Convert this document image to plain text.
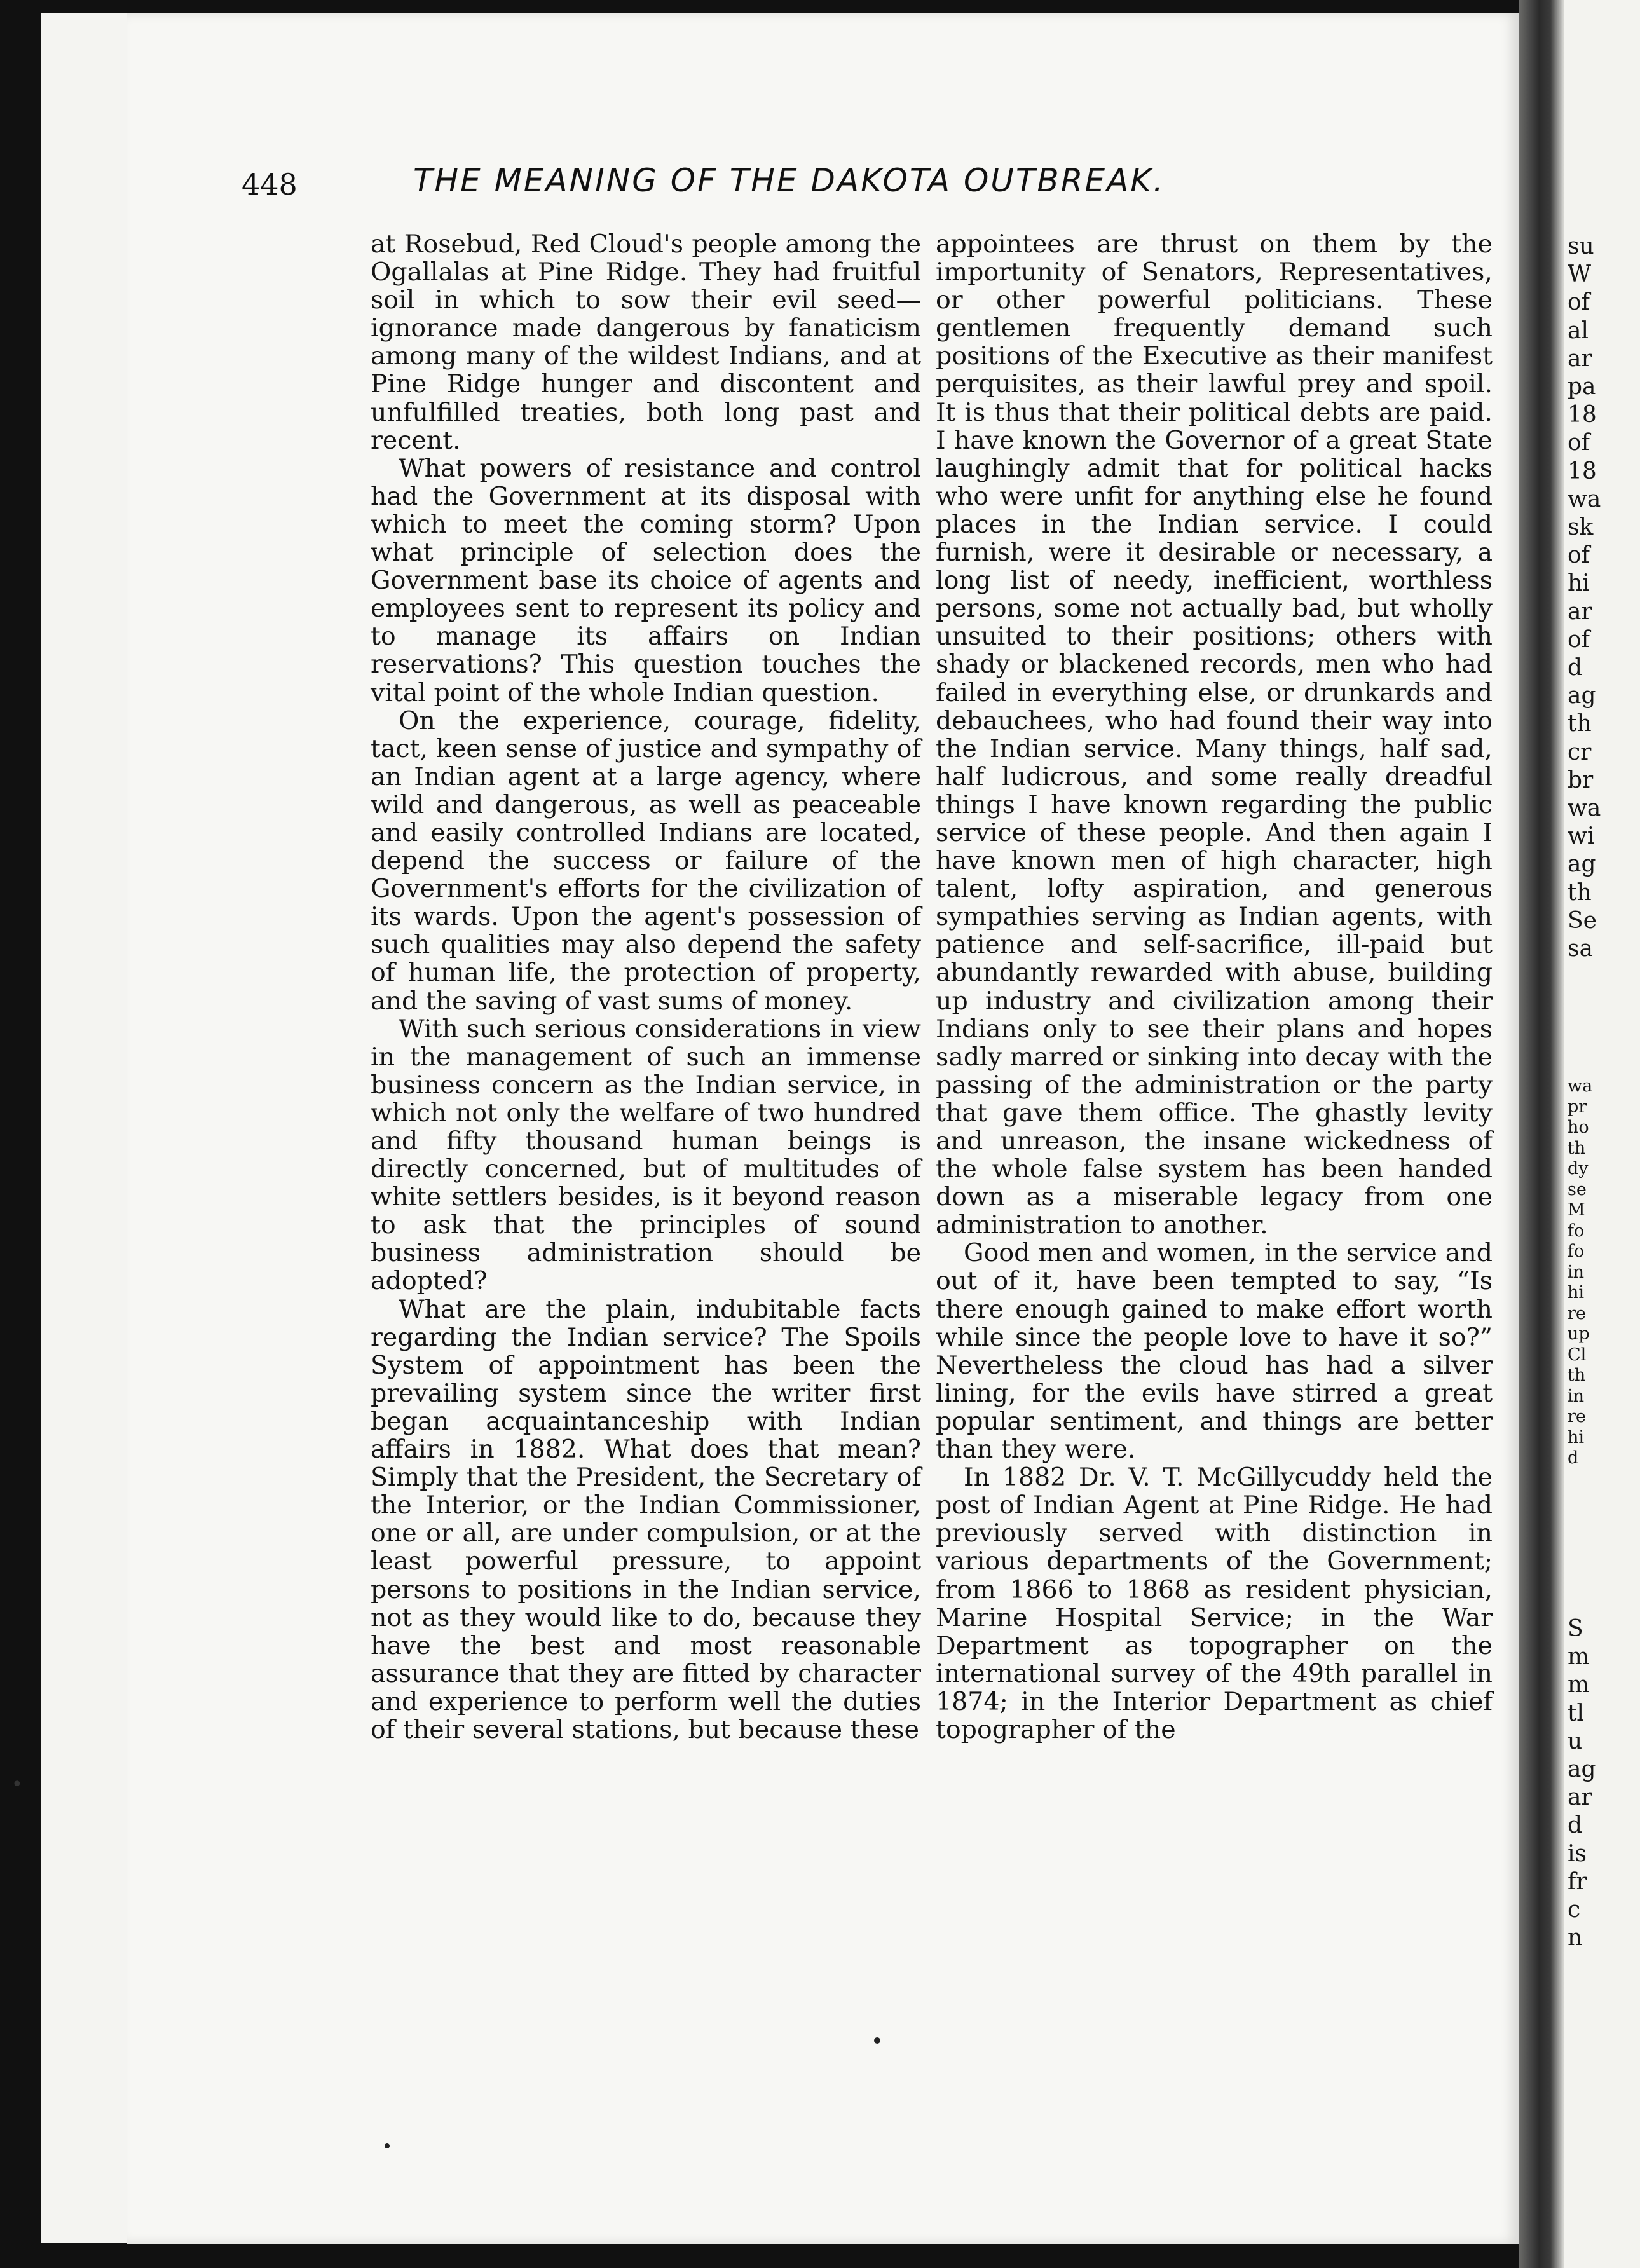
•
448	THE MEANING OF THE DAKOTA OUTBREAK.

at Rosebud, Red Cloud's people among the Ogallalas at Pine Ridge. They had fruitful soil in which to sow their evil seed—ignorance made dangerous by fanaticism among many of the wildest Indians, and at Pine Ridge hunger and discontent and unfulfilled treaties, both long past and recent.

What powers of resistance and control had the Government at its disposal with which to meet the coming storm? Upon what principle of selection does the Government base its choice of agents and employees sent to represent its policy and to manage its affairs on Indian reservations? This question touches the vital point of the whole Indian question.

On the experience, courage, fidelity, tact, keen sense of justice and sympathy of an Indian agent at a large agency, where wild and dangerous, as well as peaceable and easily controlled Indians are located, depend the success or failure of the Government's efforts for the civilization of its wards. Upon the agent's possession of such qualities may also depend the safety of human life, the protection of property, and the saving of vast sums of money.

With such serious considerations in view in the management of such an immense business concern as the Indian service, in which not only the welfare of two hundred and fifty thousand human beings is directly concerned, but of multitudes of white settlers besides, is it beyond reason to ask that the principles of sound business administration should be adopted?

What are the plain, indubitable facts regarding the Indian service? The Spoils System of appointment has been the prevailing system since the writer first began acquaintanceship with Indian affairs in 1882. What does that mean? Simply that the President, the Secretary of the Interior, or the Indian Commissioner, one or all, are under compulsion, or at the least powerful pressure, to appoint persons to positions in the Indian service, not as they would like to do, because they have the best and most reasonable assurance that they are fitted by character and experience to perform well the duties of their several stations, but because these

appointees are thrust on them by the importunity of Senators, Representatives, or other powerful politicians. These gentlemen frequently demand such positions of the Executive as their manifest perquisites, as their lawful prey and spoil. It is thus that their political debts are paid. I have known the Governor of a great State laughingly admit that for political hacks who were unfit for anything else he found places in the Indian service. I could furnish, were it desirable or necessary, a long list of needy, inefficient, worthless persons, some not actually bad, but wholly unsuited to their positions; others with shady or blackened records, men who had failed in everything else, or drunkards and debauchees, who had found their way into the Indian service. Many things, half sad, half ludicrous, and some really dreadful things I have known regarding the public service of these people. And then again I have known men of high character, high talent, lofty aspiration, and generous sympathies serving as Indian agents, with patience and self-sacrifice, ill-paid but abundantly rewarded with abuse, building up industry and civilization among their Indians only to see their plans and hopes sadly marred or sinking into decay with the passing of the administration or the party that gave them office. The ghastly levity and unreason, the insane wickedness of the whole false system has been handed down as a miserable legacy from one administration to another.

Good men and women, in the service and out of it, have been tempted to say, “Is there enough gained to make effort worth while since the people love to have it so?” Nevertheless the cloud has had a silver lining, for the evils have stirred a great popular sentiment, and things are better than they were.

In 1882 Dr. V. T. McGillycuddy held the post of Indian Agent at Pine Ridge. He had previously served with distinction in various departments of the Government; from 1866 to 1868 as resident physician, Marine Hospital Service; in the War Department as topographer on the international survey of the 49th parallel in 1874; in the Interior Department as chief topographer of the

su
W
of
al
ar
pa
18
of
18
wa
sk
of
hi
ar
of
d
ag
th
cr
br
wa
wi
ag
th
Se
sa
wa
pr
ho
th
dy
se
M
fo
fo
in
hi
re
up
Cl
th
in
re
hi
d
S
m
m
tl
u
ag
ar
d
is
fr
c
n
